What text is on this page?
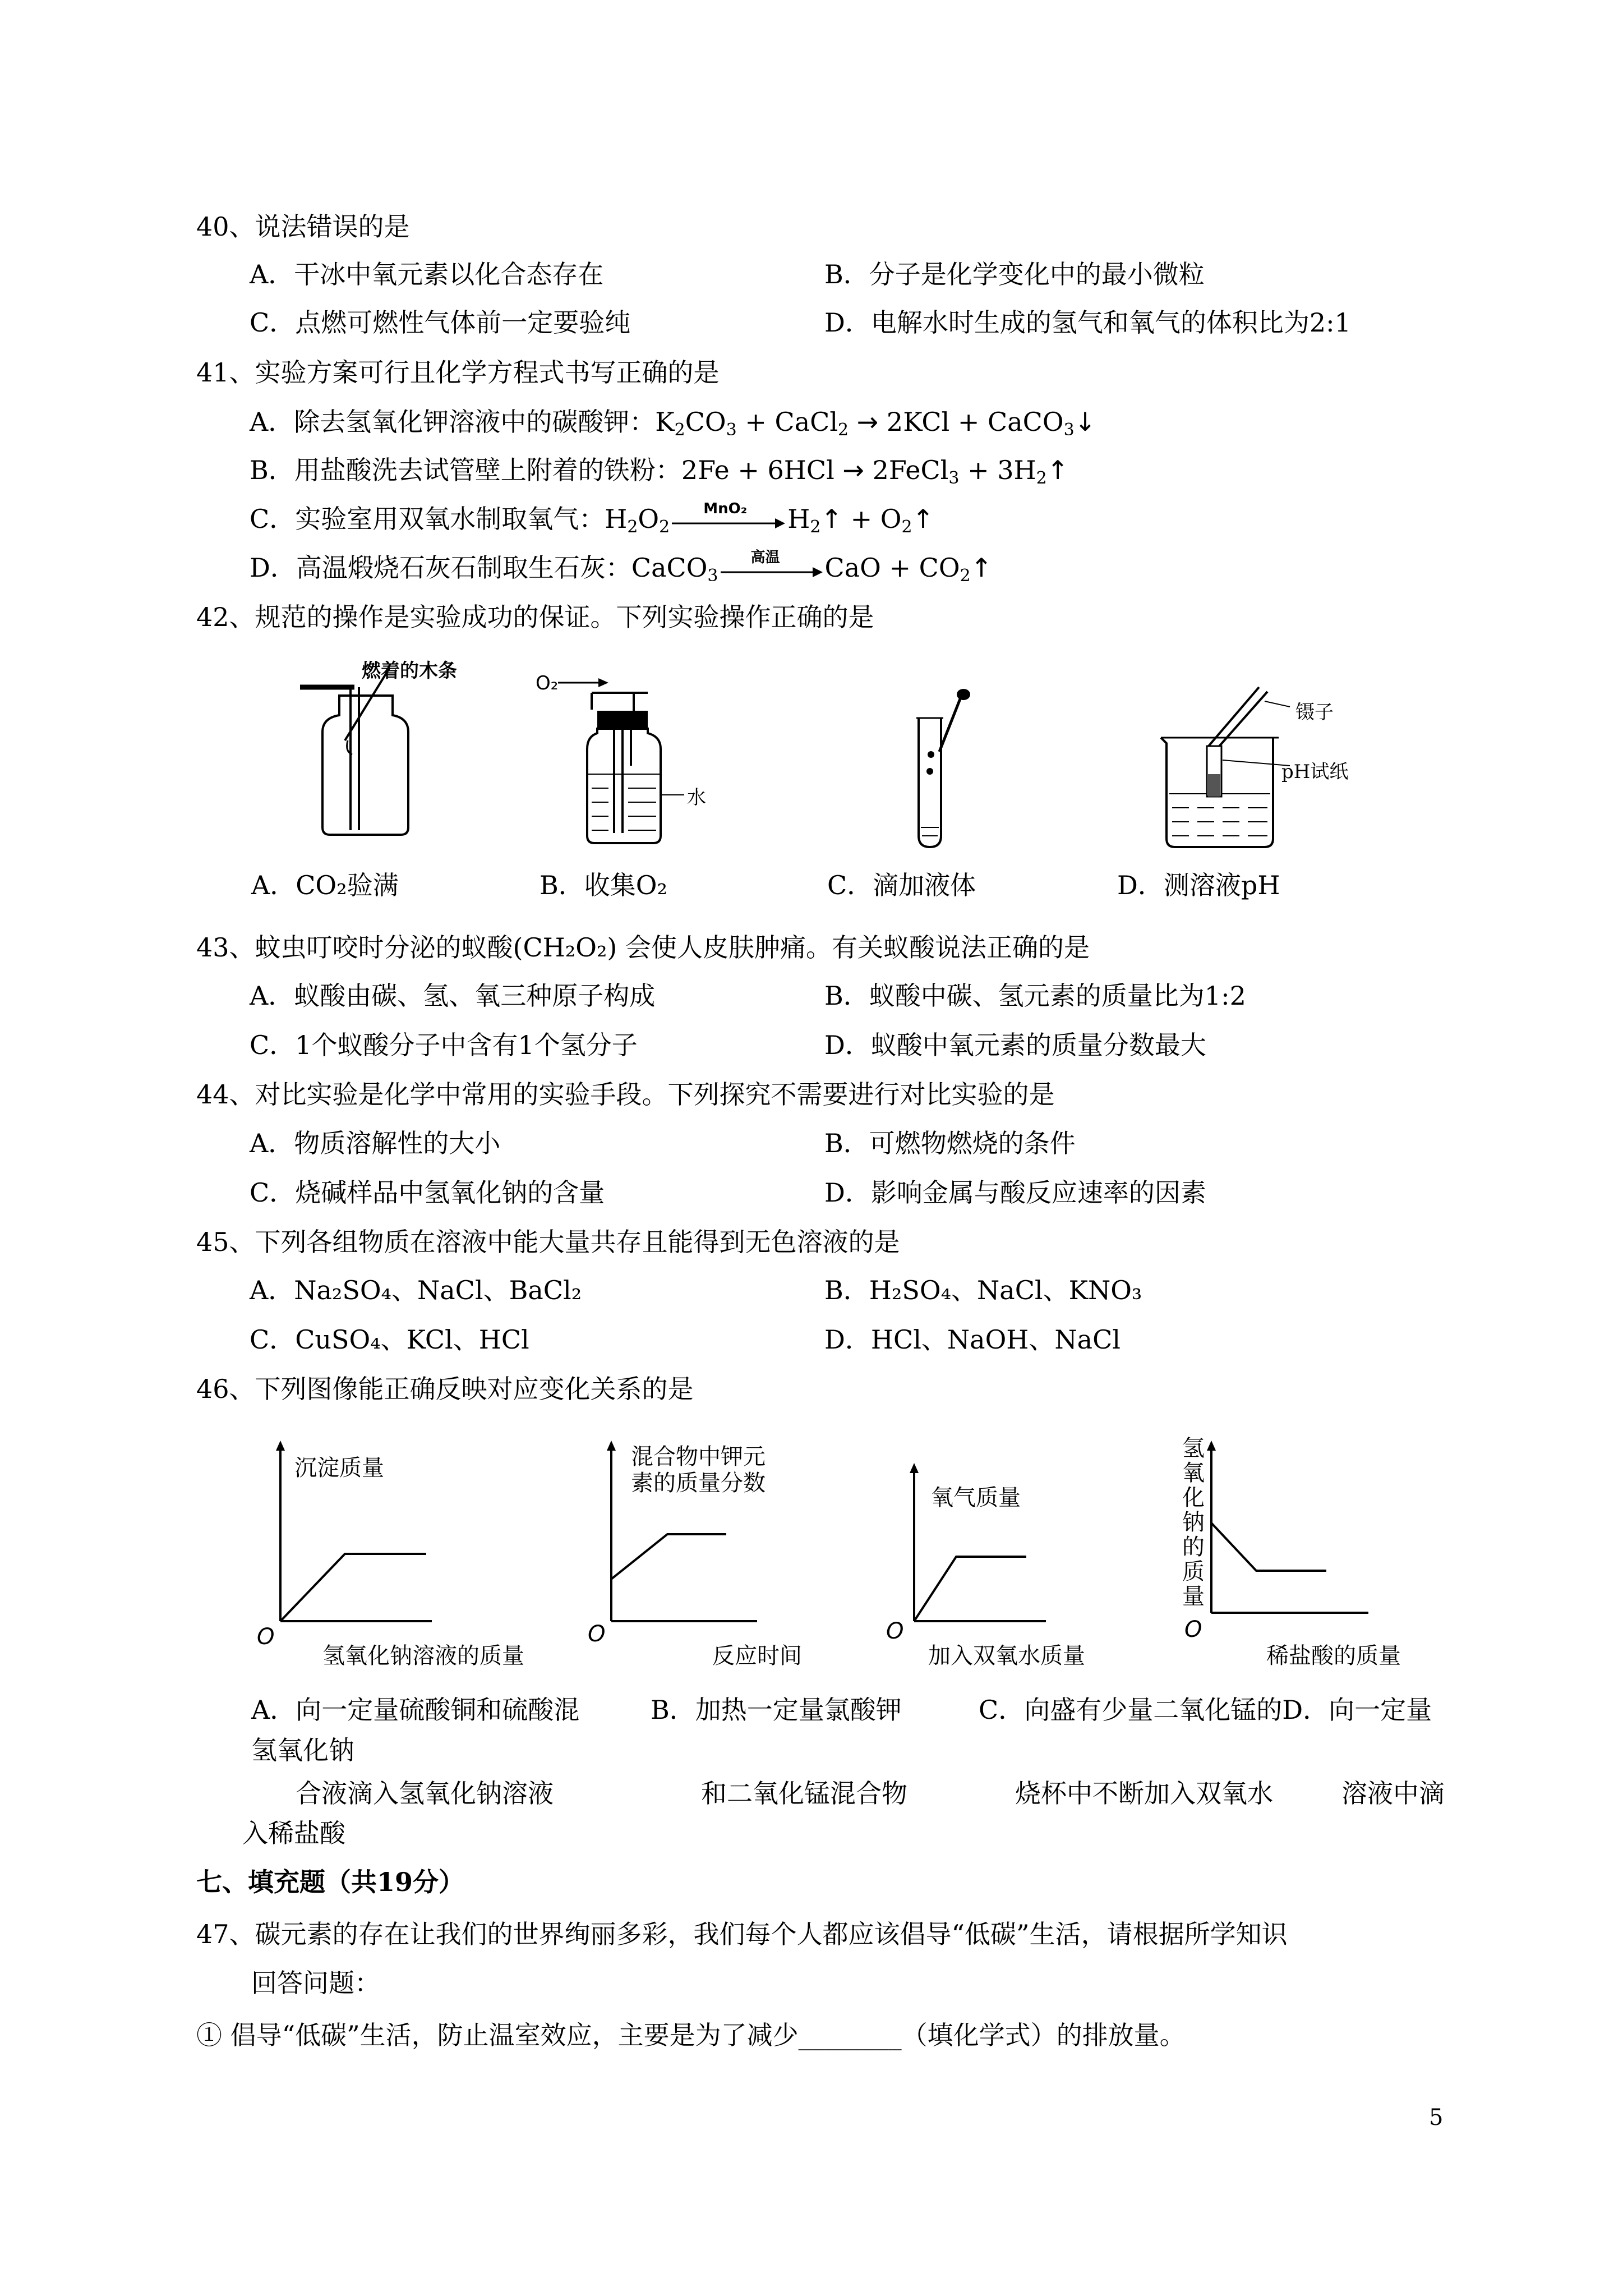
40、说法错误的是
A．干冰中氧元素以化合态存在	B．分子是化学变化中的最小微粒
C．点燃可燃性气体前一定要验纯	D．电解水时生成的氢气和氧气的体积比为2:1
41、实验方案可行且化学方程式书写正确的是
A．除去氢氧化钾溶液中的碳酸钾：$K_2CO_3$ + CaCl$_2$ → 2KCl + CaCO$_3$↓
B．用盐酸洗去试管壁上附着的铁粉：2Fe + 6HCl → 2FeCl$_3$ + $3H_2↑$
C．实验室用双氧水制取氧气：$H_2O_2$
MnO₂ $H_2↑$ + $O_2↑$
D．高温煅烧石灰石制取生石灰：CaCO$_3$
高温 CaO + $CO_2↑$
42、规范的操作是实验成功的保证。下列实验操作正确的是
燃着的木条
O₂
水
镊子
pH试纸
A．CO₂验满	B．收集O₂	C．滴加液体	D．测溶液pH
43、蚊虫叮咬时分泌的蚁酸(CH₂O₂) 会使人皮肤肿痛。有关蚁酸说法正确的是
A．蚁酸由碳、氢、氧三种原子构成	B．蚁酸中碳、氢元素的质量比为1:2
C．1个蚁酸分子中含有1个氢分子	D．蚁酸中氧元素的质量分数最大
44、对比实验是化学中常用的实验手段。下列探究不需要进行对比实验的是
A．物质溶解性的大小	B．可燃物燃烧的条件
C．烧碱样品中氢氧化钠的含量	D．影响金属与酸反应速率的因素
45、下列各组物质在溶液中能大量共存且能得到无色溶液的是
A．Na₂SO₄、NaCl、BaCl₂	B．H₂SO₄、NaCl、KNO₃
C．CuSO₄、KCl、HCl	D．HCl、NaOH、NaCl
46、下列图像能正确反映对应变化关系的是
沉淀质量
O
氢氧化钠溶液的质量
混合物中钾元
素的质量分数
O
反应时间
氧气质量
O
加入双氧水质量
氢
氧
化
钠
的
质
量
O
稀盐酸的质量
A．向一定量硫酸铜和硫酸混	B．加热一定量氯酸钾	C．向盛有少量二氧化锰的D．向一定量
氢氧化钠
合液滴入氢氧化钠溶液	和二氧化锰混合物	烧杯中不断加入双氧水	溶液中滴
入稀盐酸
七、填充题（共19分）
47、碳元素的存在让我们的世界绚丽多彩，我们每个人都应该倡导“低碳”生活，请根据所学知识
回答问题：
① 倡导“低碳”生活，防止温室效应，主要是为了减少________（填化学式）的排放量。
5
